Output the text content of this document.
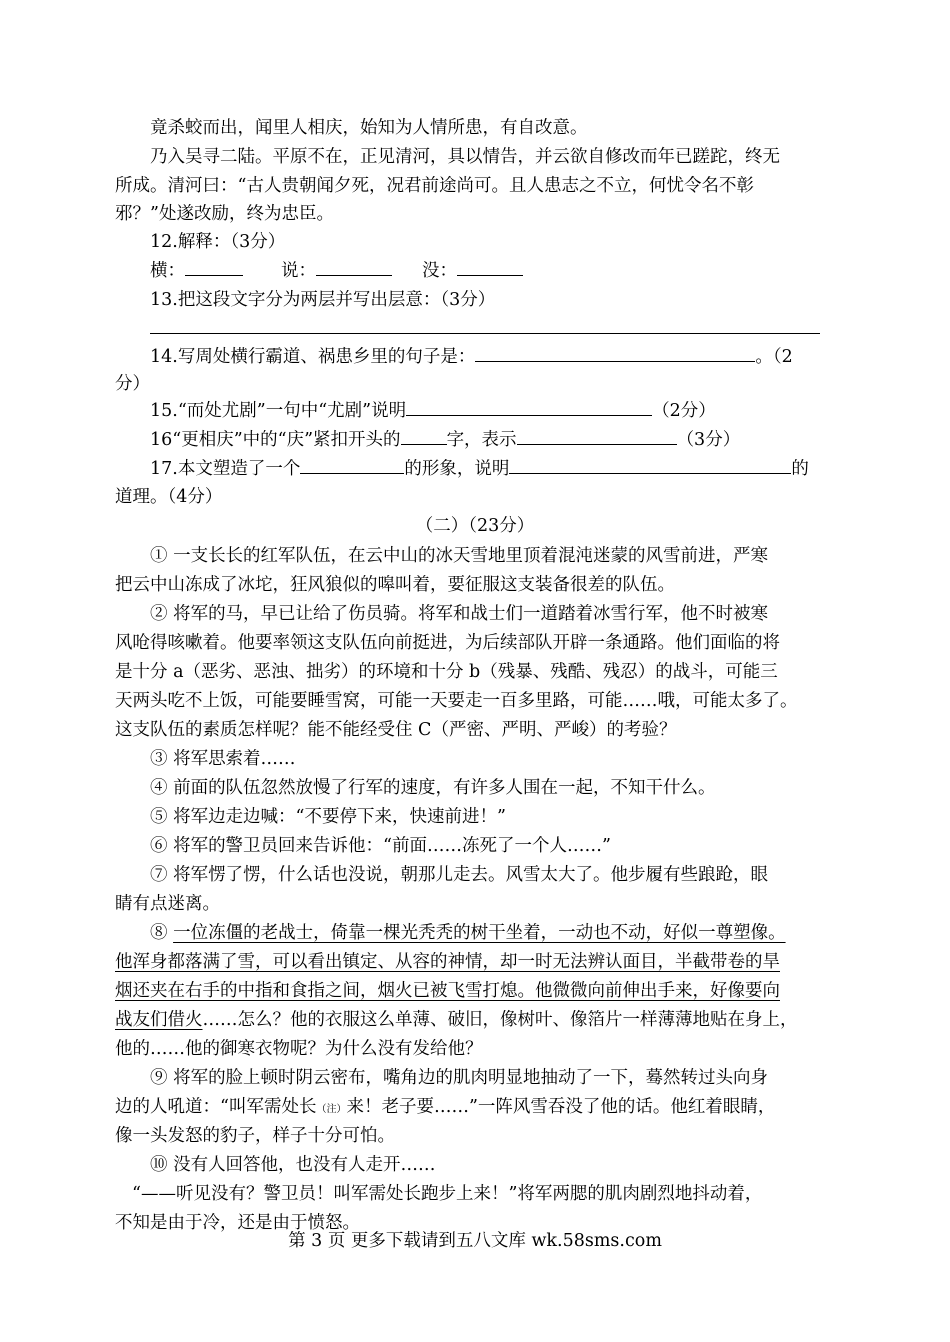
竟杀蛟而出，闻里人相庆，始知为人情所患，有自改意。
乃入吴寻二陆。平原不在，正见清河，具以情告，并云欲自修改而年已蹉跎，终无
所成。清河曰：“古人贵朝闻夕死，况君前途尚可。且人患志之不立，何忧令名不彰
邪？”处遂改励，终为忠臣。
12.解释：（3分）
横：	说：	没：
13.把这段文字分为两层并写出层意：（3分）
14.写周处横行霸道、祸患乡里的句子是：	。（2
分）
15.“而处尤剧”一句中“尤剧”说明	（2分）
16“更相庆”中的“庆”紧扣开头的	字，表示	（3分）
17.本文塑造了一个	的形象，说明	的
道理。（4分）
（二）（23分）
① 一支长长的红军队伍，在云中山的冰天雪地里顶着混沌迷蒙的风雪前进，严寒
把云中山冻成了冰坨，狂风狼似的嗥叫着，要征服这支装备很差的队伍。
② 将军的马，早已让给了伤员骑。将军和战士们一道踏着冰雪行军，他不时被寒
风呛得咳嗽着。他要率领这支队伍向前挺进，为后续部队开辟一条通路。他们面临的将
是十分 a（恶劣、恶浊、拙劣）的环境和十分 b（残暴、残酷、残忍）的战斗，可能三
天两头吃不上饭，可能要睡雪窝，可能一天要走一百多里路，可能……哦，可能太多了。
这支队伍的素质怎样呢？能不能经受住 C（严密、严明、严峻）的考验？
③ 将军思索着……
④ 前面的队伍忽然放慢了行军的速度，有许多人围在一起，不知干什么。
⑤ 将军边走边喊：“不要停下来，快速前进！”
⑥ 将军的警卫员回来告诉他：“前面……冻死了一个人……”
⑦ 将军愣了愣，什么话也没说，朝那儿走去。风雪太大了。他步履有些踉跄，眼
睛有点迷离。
⑧ 一位冻僵的老战士，倚靠一棵光秃秃的树干坐着，一动也不动，好似一尊塑像。
他浑身都落满了雪，可以看出镇定、从容的神情，却一时无法辨认面目，半截带卷的旱
烟还夹在右手的中指和食指之间，烟火已被飞雪打熄。他微微向前伸出手来，好像要向
战友们借火……怎么？他的衣服这么单薄、破旧，像树叶、像箔片一样薄薄地贴在身上，
他的……他的御寒衣物呢？为什么没有发给他？
⑨ 将军的脸上顿时阴云密布，嘴角边的肌肉明显地抽动了一下，蓦然转过头向身
边的人吼道：“叫军需处长（注）来！老子要……”一阵风雪吞没了他的话。他红着眼睛，
像一头发怒的豹子，样子十分可怕。
⑩ 没有人回答他，也没有人走开……
“——听见没有？警卫员！叫军需处长跑步上来！”将军两腮的肌肉剧烈地抖动着，
不知是由于冷，还是由于愤怒。
第 3 页 更多下载请到五八文库 wk.58sms.com
